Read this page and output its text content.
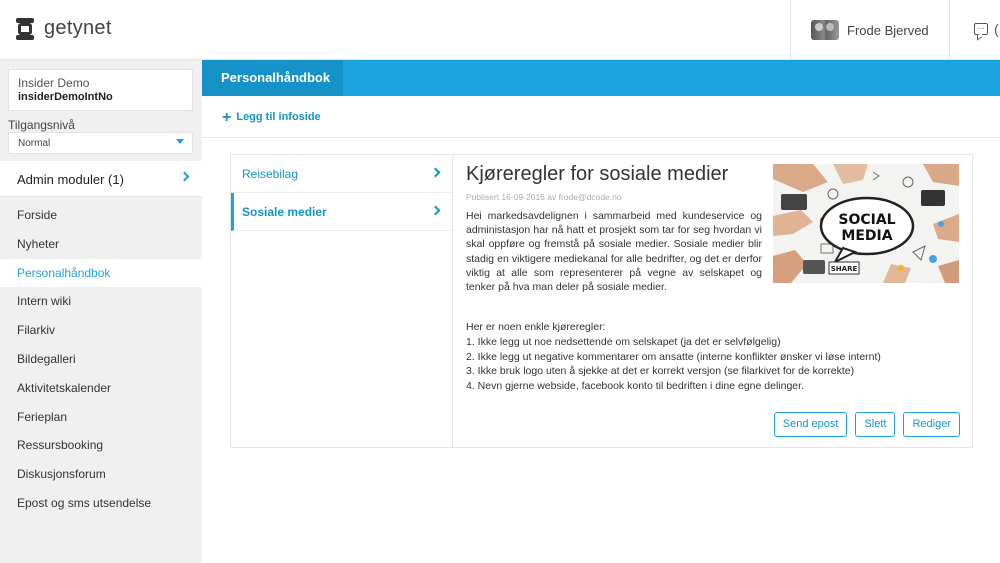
getynet	Frode Bjerved	··· (
Insider Demo
insiderDemoIntNo
Tilgangsnivå
Normal
Admin moduler (1)
Forside
Nyheter
Personalhåndbok
Intern wiki
Filarkiv
Bildegalleri
Aktivitetskalender
Ferieplan
Ressursbooking
Diskusjonsforum
Epost og sms utsendelse
Personalhåndbok
+ Legg til infoside
Reisebilag
Sosiale medier
Kjøreregler for sosiale medier
Publisert 16-09-2016 av frode@dcode.no

Hei markedsavdelignen i sammarbeid med kundeservice og administasjon har nå hatt et prosjekt som tar for seg hvordan vi skal oppføre og fremstå på sosiale medier. Sosiale medier blir stadig en viktigere mediekanal for alle bedrifter, og det er derfor viktig at alle som representerer på vegne av selskapet og tenker på hva man deler på sosiale medier.

SOCIAL
MEDIA
SHARE
Her er noen enkle kjøreregler:
1. Ikke legg ut noe nedsettende om selskapet (ja det er selvfølgelig)
2. Ikke legg ut negative kommentarer om ansatte (interne konflikter ønsker vi løse internt)
3. Ikke bruk logo uten å sjekke at det er korrekt versjon (se filarkivet for de korrekte)
4. Nevn gjerne webside, facebook konto til bedriften i dine egne delinger.
Send epost	Slett	Rediger
